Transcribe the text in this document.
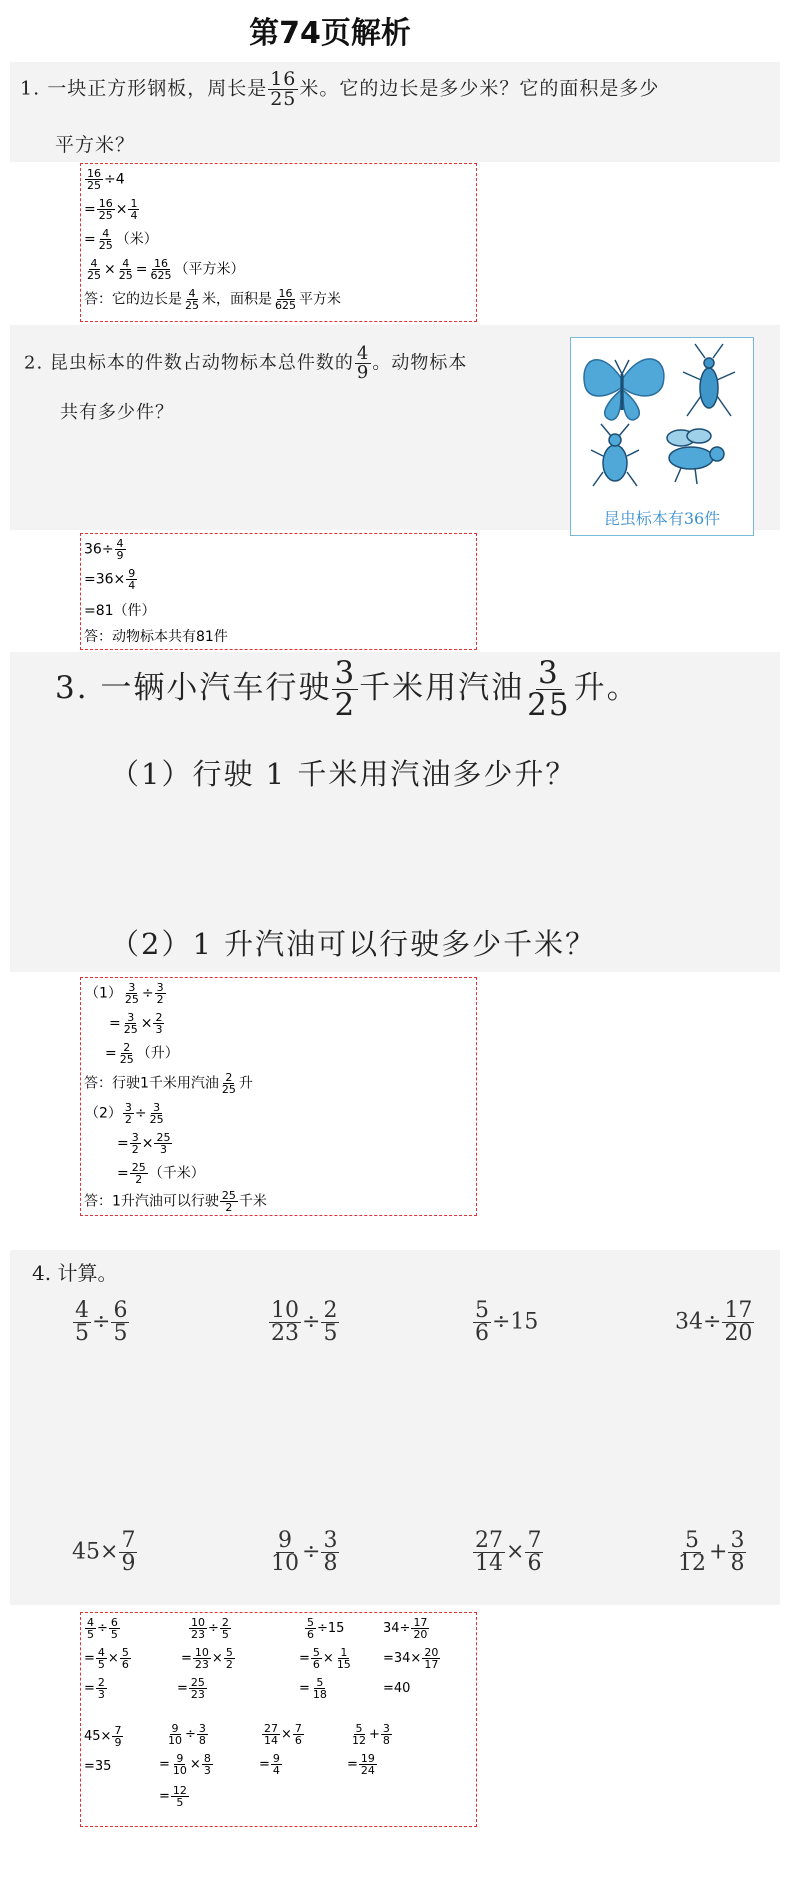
第74页解析
1. 一块正方形钢板，周长是 $\frac{16}{25}$ 米。它的边长是多少米？它的面积是多少
平方米？
$\frac{16}{25} \div 4$
= $\frac{16}{25} \times \frac{1}{4}$
= $\frac{4}{25}$ （米）
$\frac{4}{25} \times \frac{4}{25} = \frac{16}{625}$ （平方米）
答：它的边长是 $\frac{4}{25}$ 米，面积是 $\frac{16}{625}$ 平方米
2. 昆虫标本的件数占动物标本总件数的 $\frac{4}{9}$ 。动物标本
共有多少件？
昆虫标本有36件
$36\div \frac{4}{9}$
$=36\times \frac{9}{4}$
=81（件）
答：动物标本共有81件
3. 一辆小汽车行驶 $\frac{3}{2}$ 千米用汽油 $\frac{3}{25}$ 升。
（1）行驶 1 千米用汽油多少升？
（2）1 升汽油可以行驶多少千米？
$(1) \frac{3}{25} \div \frac{3}{2}$
= $\frac{3}{25} \times \frac{2}{3}$
= $\frac{2}{25}$ （升）
答：行驶1千米用汽油 $\frac{2}{25}$ 升
$(2) \frac{3}{2} \div \frac{3}{25}$
= $\frac{3}{2} \times \frac{25}{3}$
= $\frac{25}{2}$ （千米）
答：1升汽油可以行驶 $\frac{25}{2}$ 千米
4. 计算。
$\frac{4}{5} \div \frac{6}{5}$	$\frac{10}{23} \div \frac{2}{5}$	$\frac{5}{6} \div 15$	$34\div \frac{17}{20}$
$45\times \frac{7}{9}$	$\frac{9}{10} \div \frac{3}{8}$	$\frac{27}{14} \times \frac{7}{6}$	$\frac{5}{12} + \frac{3}{8}$
$\frac{4}{5} \div \frac{6}{5}$
= $\frac{4}{5} \times \frac{5}{6}$
= $\frac{2}{3}$
$\frac{10}{23} \div \frac{2}{5}$
= $\frac{10}{23} \times \frac{5}{2}$
= $\frac{25}{23}$
$\frac{5}{6} \div 15$
= $\frac{5}{6} \times \frac{1}{15}$
= $\frac{5}{18}$
$34\div \frac{17}{20}$
$=34\times \frac{20}{17}$
=40
$45\times \frac{7}{9}$
=35
$\frac{9}{10} \div \frac{3}{8}$
= $\frac{9}{10} \times \frac{8}{3}$
= $\frac{12}{5}$
$\frac{27}{14} \times \frac{7}{6}$
= $\frac{9}{4}$
$\frac{5}{12} + \frac{3}{8}$
= $\frac{19}{24}$
